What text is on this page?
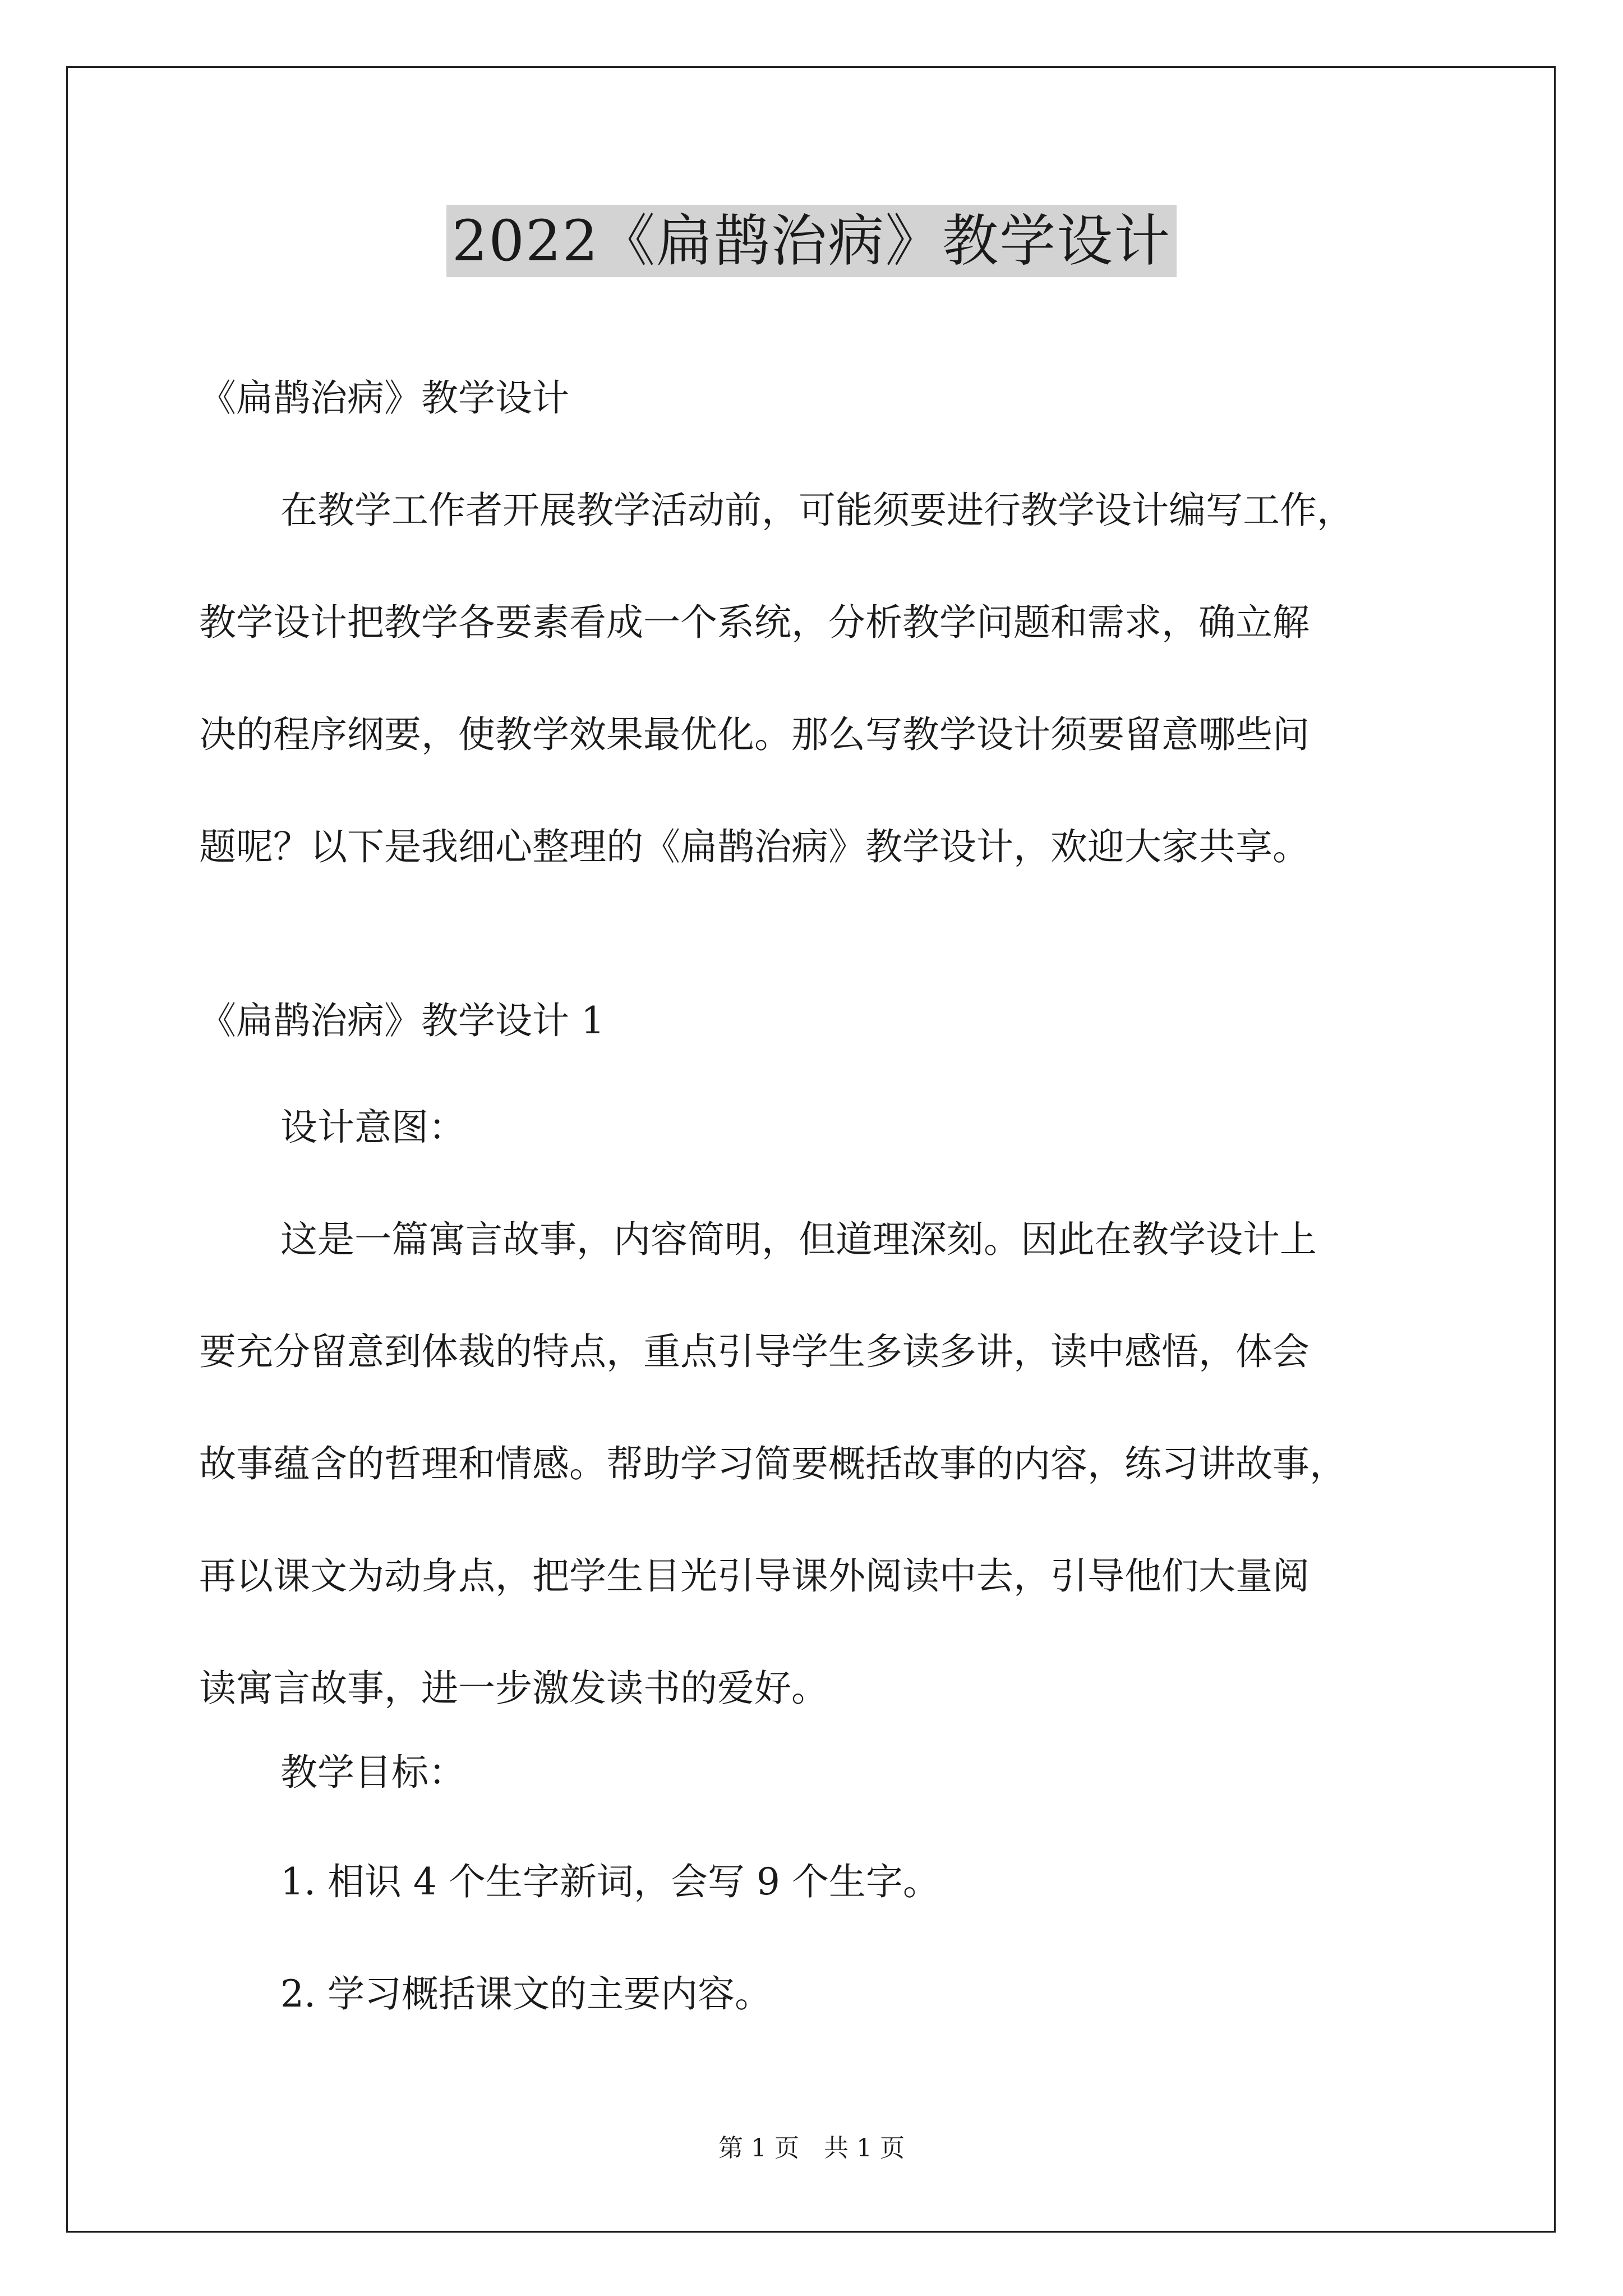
2022《扁鹊治病》教学设计

《扁鹊治病》教学设计

在教学工作者开展教学活动前，可能须要进行教学设计编写工作，
教学设计把教学各要素看成一个系统，分析教学问题和需求，确立解
决的程序纲要，使教学效果最优化。那么写教学设计须要留意哪些问
题呢？以下是我细心整理的《扁鹊治病》教学设计，欢迎大家共享。

《扁鹊治病》教学设计 1

设计意图：

这是一篇寓言故事，内容简明，但道理深刻。因此在教学设计上
要充分留意到体裁的特点，重点引导学生多读多讲，读中感悟，体会
故事蕴含的哲理和情感。帮助学习简要概括故事的内容，练习讲故事，
再以课文为动身点，把学生目光引导课外阅读中去，引导他们大量阅
读寓言故事，进一步激发读书的爱好。

教学目标：

1. 相识 4 个生字新词，会写 9 个生字。
2. 学习概括课文的主要内容。

第 1 页　共 1 页
